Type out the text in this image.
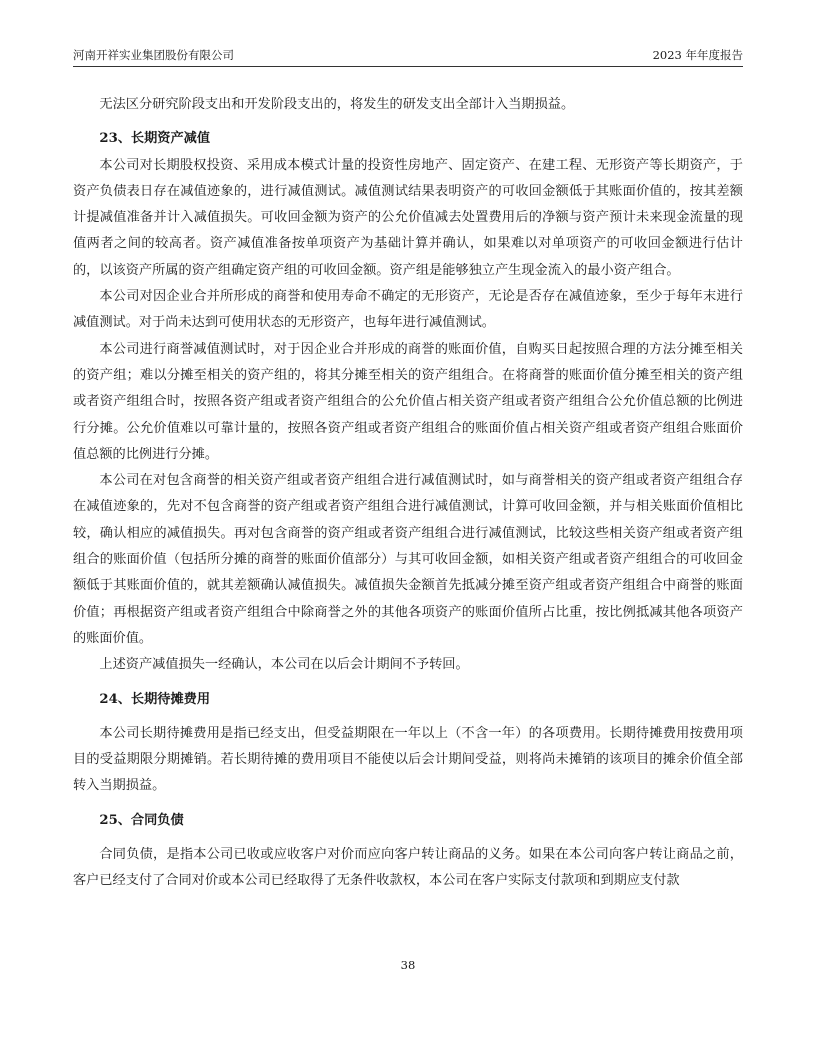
河南开祥实业集团股份有限公司	2023 年年度报告

无法区分研究阶段支出和开发阶段支出的，将发生的研发支出全部计入当期损益。

23、长期资产减值

本公司对长期股权投资、采用成本模式计量的投资性房地产、固定资产、在建工程、无形资产等长期资产，于资产负债表日存在减值迹象的，进行减值测试。减值测试结果表明资产的可收回金额低于其账面价值的，按其差额计提减值准备并计入减值损失。可收回金额为资产的公允价值减去处置费用后的净额与资产预计未来现金流量的现值两者之间的较高者。资产减值准备按单项资产为基础计算并确认，如果难以对单项资产的可收回金额进行估计的，以该资产所属的资产组确定资产组的可收回金额。资产组是能够独立产生现金流入的最小资产组合。

本公司对因企业合并所形成的商誉和使用寿命不确定的无形资产，无论是否存在减值迹象，至少于每年末进行减值测试。对于尚未达到可使用状态的无形资产，也每年进行减值测试。

本公司进行商誉减值测试时，对于因企业合并形成的商誉的账面价值，自购买日起按照合理的方法分摊至相关的资产组；难以分摊至相关的资产组的，将其分摊至相关的资产组组合。在将商誉的账面价值分摊至相关的资产组或者资产组组合时，按照各资产组或者资产组组合的公允价值占相关资产组或者资产组组合公允价值总额的比例进行分摊。公允价值难以可靠计量的，按照各资产组或者资产组组合的账面价值占相关资产组或者资产组组合账面价值总额的比例进行分摊。

本公司在对包含商誉的相关资产组或者资产组组合进行减值测试时，如与商誉相关的资产组或者资产组组合存在减值迹象的，先对不包含商誉的资产组或者资产组组合进行减值测试，计算可收回金额，并与相关账面价值相比较，确认相应的减值损失。再对包含商誉的资产组或者资产组组合进行减值测试，比较这些相关资产组或者资产组组合的账面价值（包括所分摊的商誉的账面价值部分）与其可收回金额，如相关资产组或者资产组组合的可收回金额低于其账面价值的，就其差额确认减值损失。减值损失金额首先抵减分摊至资产组或者资产组组合中商誉的账面价值；再根据资产组或者资产组组合中除商誉之外的其他各项资产的账面价值所占比重，按比例抵减其他各项资产的账面价值。

上述资产减值损失一经确认，本公司在以后会计期间不予转回。

24、长期待摊费用

本公司长期待摊费用是指已经支出，但受益期限在一年以上（不含一年）的各项费用。长期待摊费用按费用项目的受益期限分期摊销。若长期待摊的费用项目不能使以后会计期间受益，则将尚未摊销的该项目的摊余价值全部转入当期损益。

25、合同负债

合同负债，是指本公司已收或应收客户对价而应向客户转让商品的义务。如果在本公司向客户转让商品之前，客户已经支付了合同对价或本公司已经取得了无条件收款权，本公司在客户实际支付款项和到期应支付款

38
